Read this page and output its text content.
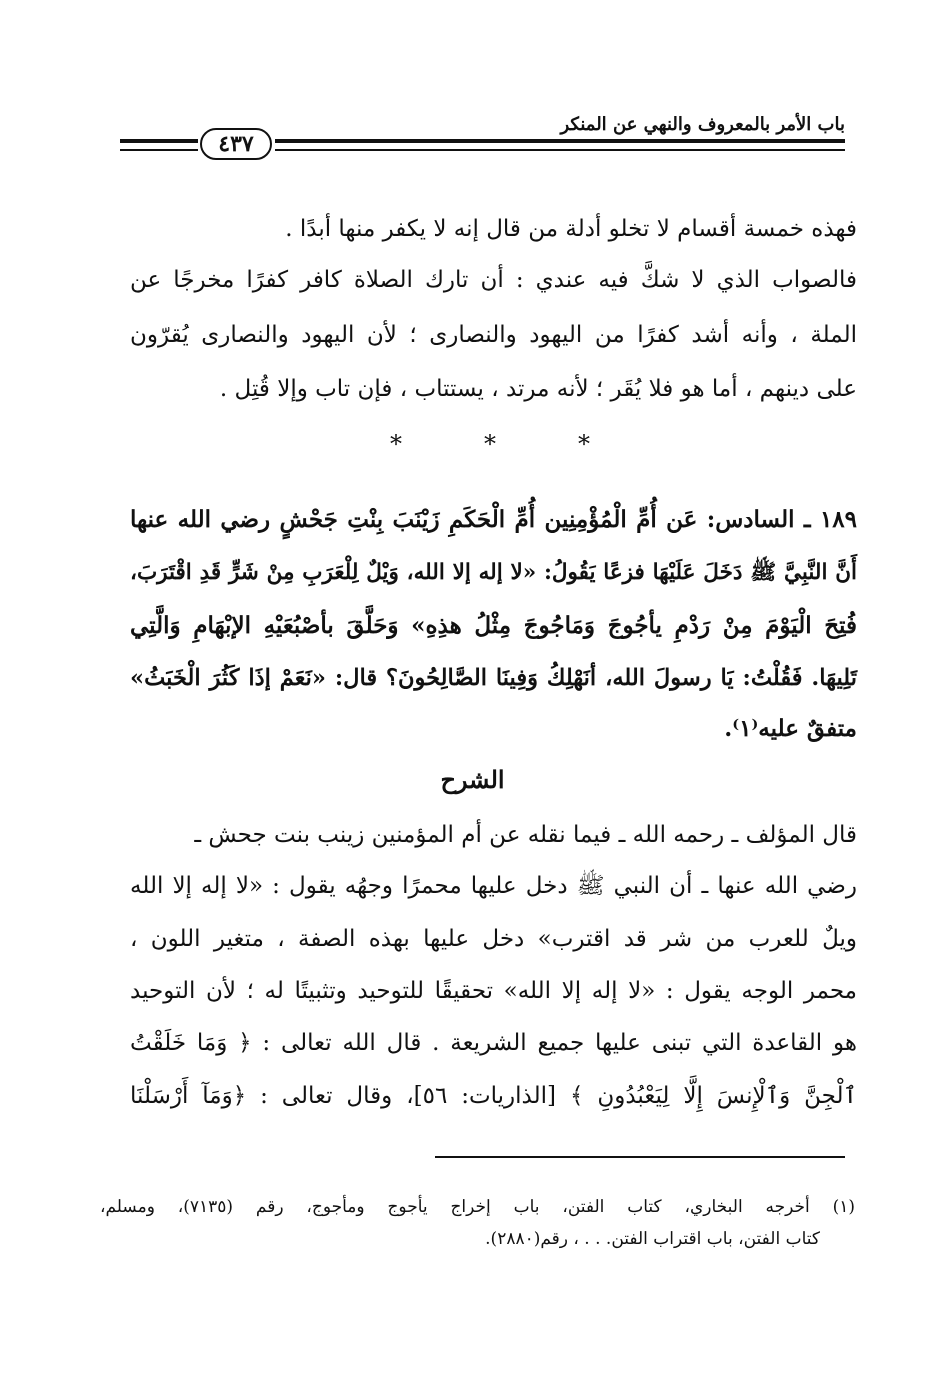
باب الأمر بالمعروف والنهي عن المنكر
٤٣٧
فهذه خمسة أقسام لا تخلو أدلة من قال إنه لا يكفر منها أبدًا .
فالصواب الذي لا شكَّ فيه عندي : أن تارك الصلاة كافر كفرًا مخرجًا عن
الملة ، وأنه أشد كفرًا من اليهود والنصارى ؛ لأن اليهود والنصارى يُقرّون
على دينهم ، أما هو فلا يُقَر ؛ لأنه مرتد ، يستتاب ، فإن تاب وإلا قُتِل .
*	*	*
١٨٩ ـ السادس: عَن أُمِّ الْمُؤْمِنِين أُمِّ الْحَكَمِ زَيْنَبَ بِنْتِ جَحْشٍ رضي الله عنها
أَنَّ النَّبِيَّ ﷺ دَخَلَ عَلَيْهَا فزعًا يَقُولُ: «لا إله إلا الله، وَيْلٌ لِلْعَرَبِ مِنْ شَرٍّ قَدِ اقْتَرَبَ،
فُتِحَ الْيَوْمَ مِنْ رَدْمِ يأجُوجَ وَمَاجُوجَ مِثْلُ هذِهِ» وَحَلَّقَ بأصْبُعَيْهِ الإبْهَامِ وَالَّتِي
تَلِيهَا. فَقُلْتُ: يَا رسولَ الله، أنَهْلِكُ وَفِينَا الصَّالِحُونَ؟ قال: «نَعَمْ إذَا كَثُرَ الْخَبَثُ»
متفقٌ عليه⁽١⁾.
الشرح
قال المؤلف ـ رحمه الله ـ فيما نقله عن أم المؤمنين زينب بنت جحش ـ
رضي الله عنها ـ أن النبي ﷺ دخل عليها محمرًا وجهُه يقول : «لا إله إلا الله
ويلٌ للعرب من شر قد اقترب» دخل عليها بهذه الصفة ، متغير اللون ،
محمر الوجه يقول : «لا إله إلا الله» تحقيقًا للتوحيد وتثبيتًا له ؛ لأن التوحيد
هو القاعدة التي تبنى عليها جميع الشريعة . قال الله تعالى : ﴿ وَمَا خَلَقْتُ
ٱلْجِنَّ وَٱلْإِنسَ إِلَّا لِيَعْبُدُونِ ﴾ [الذاريات: ٥٦]، وقال تعالى : ﴿وَمَآ أَرْسَلْنَا
(١) أخرجه البخاري، كتاب الفتن، باب إخراج يأجوج ومأجوج، رقم (٧١٣٥)، ومسلم،
كتاب الفتن، باب اقتراب الفتن. . . ، رقم(٢٨٨٠).
